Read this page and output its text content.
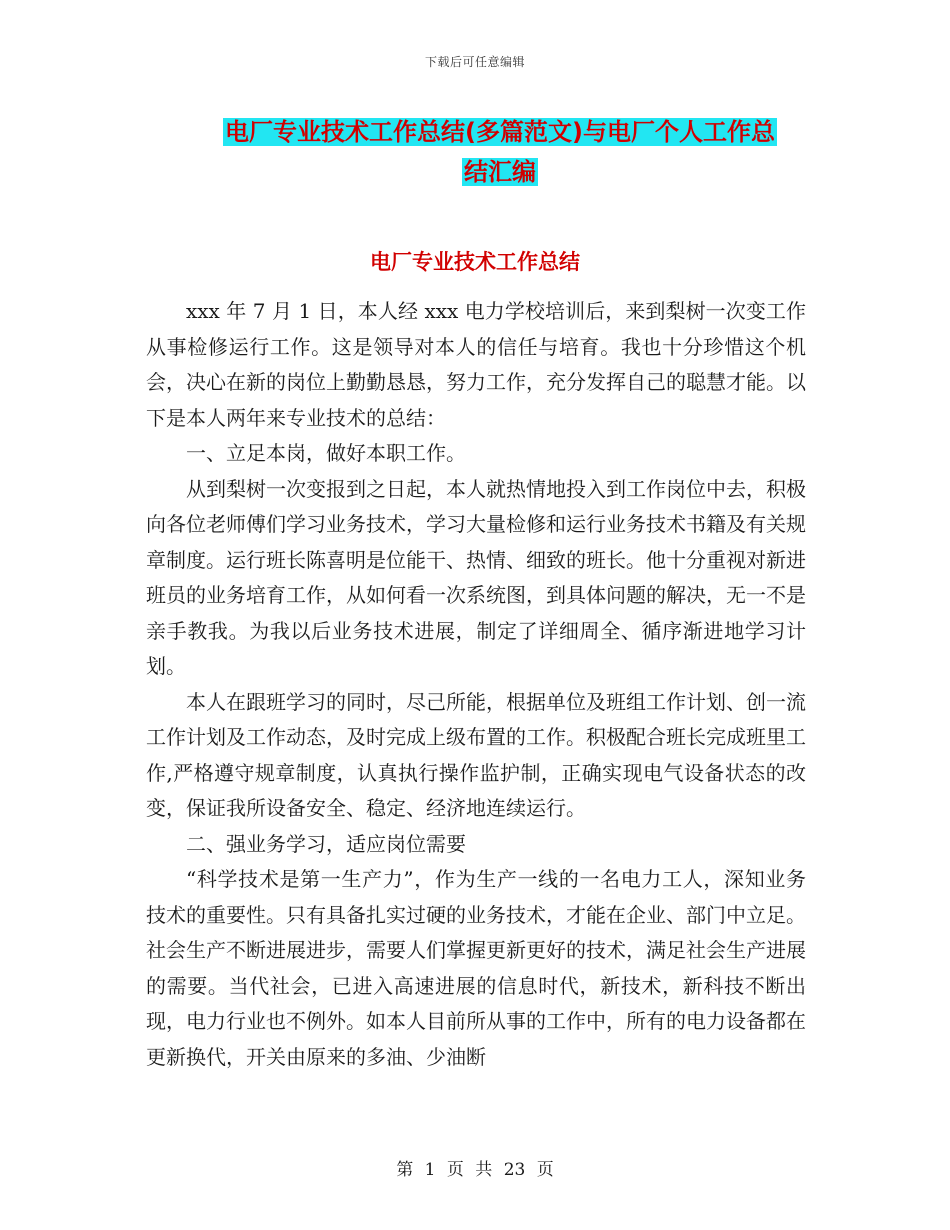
下载后可任意编辑
电厂专业技术工作总结(多篇范文)与电厂个人工作总
结汇编
电厂专业技术工作总结

xxx 年 7 月 1 日，本人经 xxx 电力学校培训后，来到梨树一次变工作从事检修运行工作。这是领导对本人的信任与培育。我也十分珍惜这个机会，决心在新的岗位上勤勤恳恳，努力工作，充分发挥自己的聪慧才能。以下是本人两年来专业技术的总结：

一、立足本岗，做好本职工作。

从到梨树一次变报到之日起，本人就热情地投入到工作岗位中去，积极向各位老师傅们学习业务技术，学习大量检修和运行业务技术书籍及有关规章制度。运行班长陈喜明是位能干、热情、细致的班长。他十分重视对新进班员的业务培育工作，从如何看一次系统图，到具体问题的解决，无一不是亲手教我。为我以后业务技术进展，制定了详细周全、循序渐进地学习计划。

本人在跟班学习的同时，尽己所能，根据单位及班组工作计划、创一流工作计划及工作动态，及时完成上级布置的工作。积极配合班长完成班里工作,严格遵守规章制度，认真执行操作监护制，正确实现电气设备状态的改变，保证我所设备安全、稳定、经济地连续运行。

二、强业务学习，适应岗位需要

“科学技术是第一生产力”，作为生产一线的一名电力工人，深知业务技术的重要性。只有具备扎实过硬的业务技术，才能在企业、部门中立足。社会生产不断进展进步，需要人们掌握更新更好的技术，满足社会生产进展的需要。当代社会，已进入高速进展的信息时代，新技术，新科技不断出现，电力行业也不例外。如本人目前所从事的工作中，所有的电力设备都在更新换代，开关由原来的多油、少油断

第 1 页 共 23 页
